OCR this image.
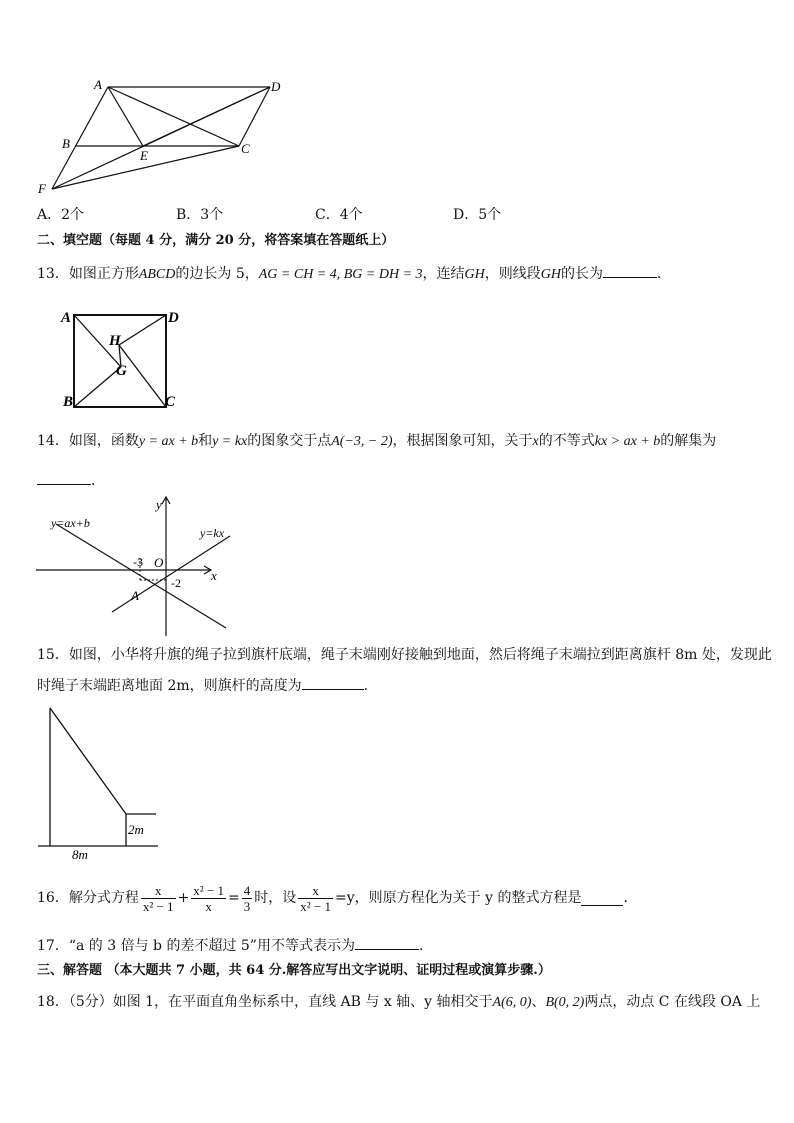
A	D
B
E	C
F
A．2个	B．3个	C．4个	D．5个
二、填空题（每题 4 分，满分 20 分，将答案填在答题纸上）
13．如图正方形ABCD的边长为 5，AG = CH = 4, BG = DH = 3，连结GH，则线段GH的长为	．
A	D
H
G
B	C
14．如图，函数y = ax + b和y = kx的图象交于点A(−3, − 2)，根据图象可知，关于x的不等式kx > ax + b的解集为
．
y
x
O
y=ax+b
y=kx
-3
-2
A
15．如图，小华将升旗的绳子拉到旗杆底端，绳子末端刚好接触到地面，然后将绳子末端拉到距离旗杆 8m 处，发现此
时绳子末端距离地面 2m，则旗杆的高度为	．
2m
8m
16．解分式方程 $\frac{x}{\text{x² − 1}} + \frac{\text{x² − 1}}{x} = \frac{4}{3}$ 时，设 $\frac{x}{\text{x² − 1}} =y$，则原方程化为关于 y 的整式方程是	．
17．“a 的 3 倍与 b 的差不超过 5”用不等式表示为	．
三、解答题 （本大题共 7 小题，共 64 分.解答应写出文字说明、证明过程或演算步骤.）
18．（5分）如图 1，在平面直角坐标系中，直线 AB 与 x 轴、y 轴相交于A(6, 0)、B(0, 2)两点，动点 C 在线段 OA 上
